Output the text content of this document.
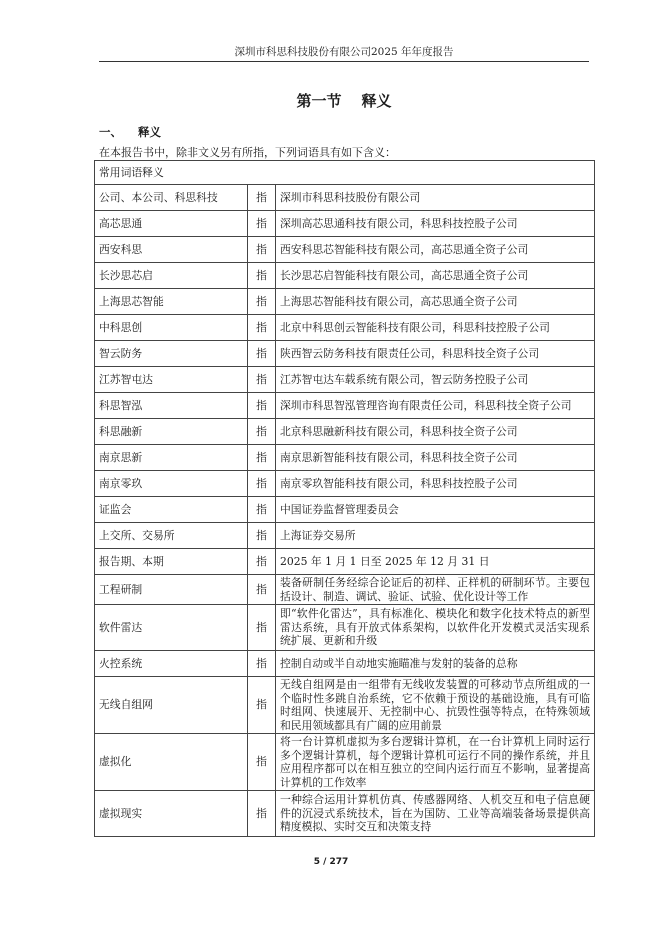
深圳市科思科技股份有限公司2025 年年度报告
第一节 释义
一、 释义
在本报告书中，除非文义另有所指，下列词语具有如下含义：
常用词语释义		
公司、本公司、科思科技	指	深圳市科思科技股份有限公司
高芯思通	指	深圳高芯思通科技有限公司，科思科技控股子公司
西安科思	指	西安科思芯智能科技有限公司，高芯思通全资子公司
长沙思芯启	指	长沙思芯启智能科技有限公司，高芯思通全资子公司
上海思芯智能	指	上海思芯智能科技有限公司，高芯思通全资子公司
中科思创	指	北京中科思创云智能科技有限公司，科思科技控股子公司
智云防务	指	陕西智云防务科技有限责任公司，科思科技全资子公司
江苏智屯达	指	江苏智屯达车载系统有限公司，智云防务控股子公司
科思智泓	指	深圳市科思智泓管理咨询有限责任公司，科思科技全资子公司
科思融新	指	北京科思融新科技有限公司，科思科技全资子公司
南京思新	指	南京思新智能科技有限公司，科思科技全资子公司
南京零玖	指	南京零玖智能科技有限公司，科思科技控股子公司
证监会	指	中国证券监督管理委员会
上交所、交易所	指	上海证券交易所
报告期、本期	指	2025 年 1 月 1 日至 2025 年 12 月 31 日
工程研制	指	装备研制任务经综合论证后的初样、正样机的研制环节。主要包括设计、制造、调试、验证、试验、优化设计等工作
软件雷达	指	即“软件化雷达”，具有标准化、模块化和数字化技术特点的新型雷达系统，具有开放式体系架构，以软件化开发模式灵活实现系统扩展、更新和升级
火控系统	指	控制自动或半自动地实施瞄准与发射的装备的总称
无线自组网	指	无线自组网是由一组带有无线收发装置的可移动节点所组成的一个临时性多跳自治系统，它不依赖于预设的基础设施，具有可临时组网、快速展开、无控制中心、抗毁性强等特点，在特殊领域和民用领域都具有广阔的应用前景
虚拟化	指	将一台计算机虚拟为多台逻辑计算机，在一台计算机上同时运行多个逻辑计算机，每个逻辑计算机可运行不同的操作系统，并且应用程序都可以在相互独立的空间内运行而互不影响，显著提高计算机的工作效率
虚拟现实	指	一种综合运用计算机仿真、传感器网络、人机交互和电子信息硬件的沉浸式系统技术，旨在为国防、工业等高端装备场景提供高精度模拟、实时交互和决策支持
5 / 277
